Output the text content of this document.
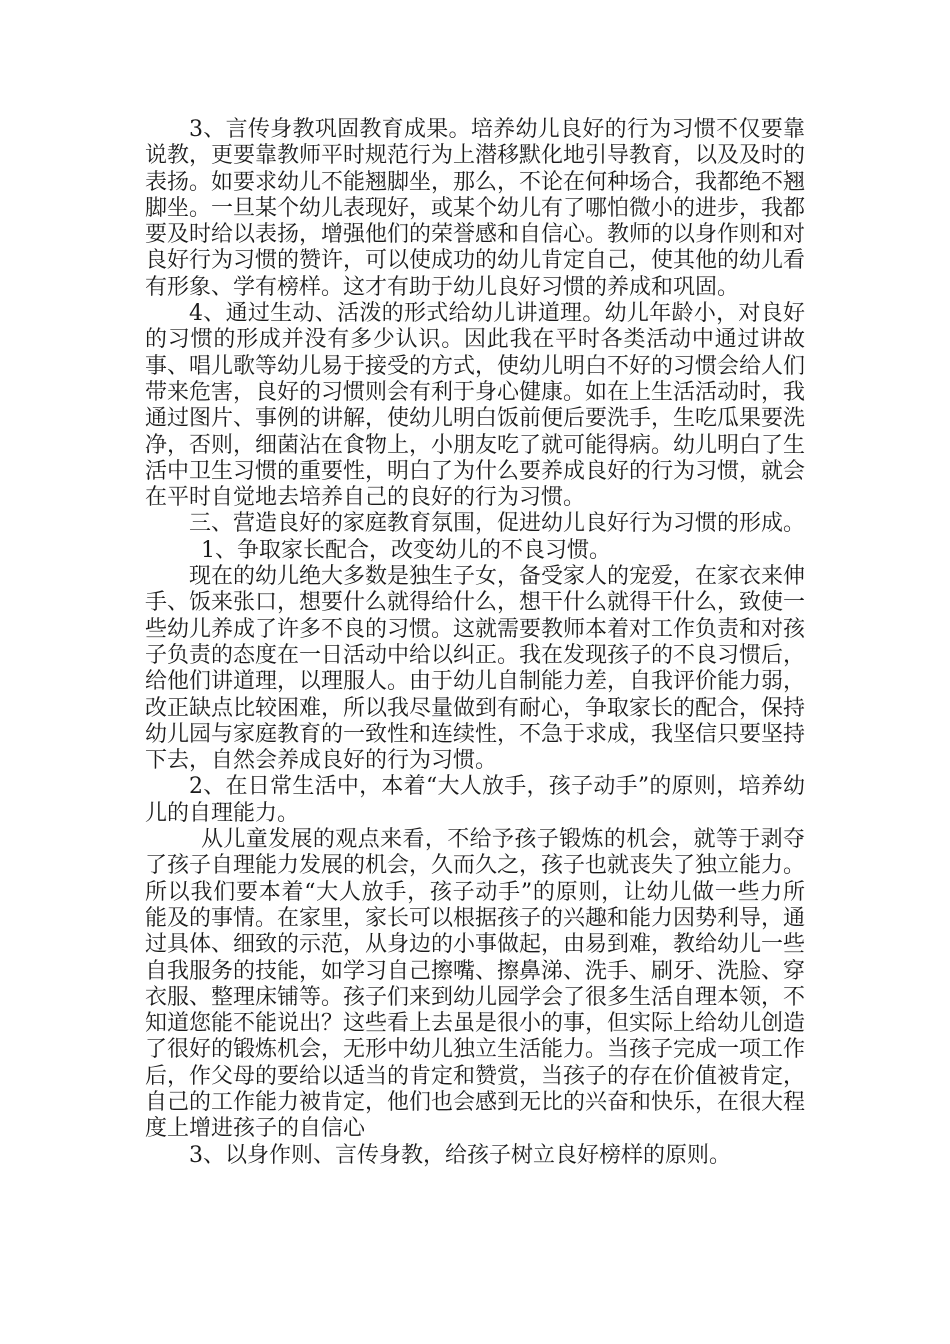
3、言传身教巩固教育成果。培养幼儿良好的行为习惯不仅要靠说教，更要靠教师平时规范行为上潜移默化地引导教育，以及及时的表扬。如要求幼儿不能翘脚坐，那么，不论在何种场合，我都绝不翘脚坐。一旦某个幼儿表现好，或某个幼儿有了哪怕微小的进步，我都要及时给以表扬，增强他们的荣誉感和自信心。教师的以身作则和对良好行为习惯的赞许，可以使成功的幼儿肯定自己，使其他的幼儿看有形象、学有榜样。这才有助于幼儿良好习惯的养成和巩固。

4、通过生动、活泼的形式给幼儿讲道理。幼儿年龄小，对良好的习惯的形成并没有多少认识。因此我在平时各类活动中通过讲故事、唱儿歌等幼儿易于接受的方式，使幼儿明白不好的习惯会给人们带来危害，良好的习惯则会有利于身心健康。如在上生活活动时，我通过图片、事例的讲解，使幼儿明白饭前便后要洗手，生吃瓜果要洗净，否则，细菌沾在食物上，小朋友吃了就可能得病。幼儿明白了生活中卫生习惯的重要性，明白了为什么要养成良好的行为习惯，就会在平时自觉地去培养自己的良好的行为习惯。

三、营造良好的家庭教育氛围，促进幼儿良好行为习惯的形成。

1、争取家长配合，改变幼儿的不良习惯。

现在的幼儿绝大多数是独生子女，备受家人的宠爱，在家衣来伸手、饭来张口，想要什么就得给什么，想干什么就得干什么，致使一些幼儿养成了许多不良的习惯。这就需要教师本着对工作负责和对孩子负责的态度在一日活动中给以纠正。我在发现孩子的不良习惯后，给他们讲道理，以理服人。由于幼儿自制能力差，自我评价能力弱，改正缺点比较困难，所以我尽量做到有耐心，争取家长的配合，保持幼儿园与家庭教育的一致性和连续性，不急于求成，我坚信只要坚持下去，自然会养成良好的行为习惯。

2、在日常生活中，本着“大人放手，孩子动手”的原则，培养幼儿的自理能力。

从儿童发展的观点来看，不给予孩子锻炼的机会，就等于剥夺了孩子自理能力发展的机会，久而久之，孩子也就丧失了独立能力。所以我们要本着“大人放手，孩子动手”的原则，让幼儿做一些力所能及的事情。在家里，家长可以根据孩子的兴趣和能力因势利导，通过具体、细致的示范，从身边的小事做起，由易到难，教给幼儿一些自我服务的技能，如学习自己擦嘴、擦鼻涕、洗手、刷牙、洗脸、穿衣服、整理床铺等。孩子们来到幼儿园学会了很多生活自理本领，不知道您能不能说出？这些看上去虽是很小的事，但实际上给幼儿创造了很好的锻炼机会，无形中幼儿独立生活能力。当孩子完成一项工作后，作父母的要给以适当的肯定和赞赏，当孩子的存在价值被肯定，自己的工作能力被肯定，他们也会感到无比的兴奋和快乐，在很大程度上增进孩子的自信心

3、以身作则、言传身教，给孩子树立良好榜样的原则。
